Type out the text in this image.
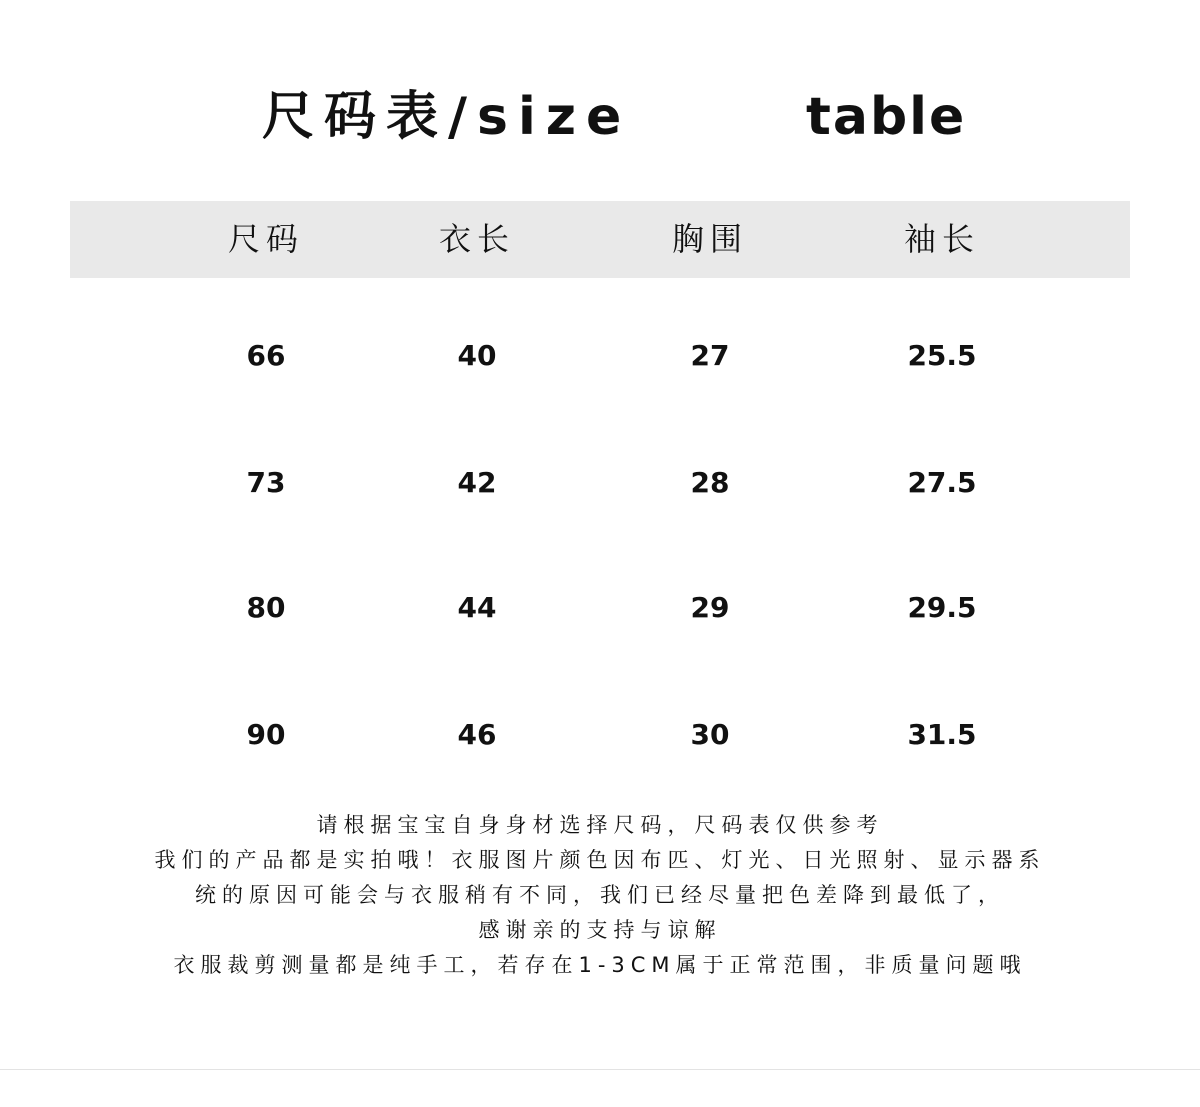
尺码表/size	table
尺码	衣长	胸围	袖长
66	40	27	25.5
73	42	28	27.5
80	44	29	29.5
90	46	30	31.5
请根据宝宝自身身材选择尺码，尺码表仅供参考
我们的产品都是实拍哦！衣服图片颜色因布匹、灯光、日光照射、显示器系
统的原因可能会与衣服稍有不同，我们已经尽量把色差降到最低了，
感谢亲的支持与谅解
衣服裁剪测量都是纯手工，若存在1-3CM属于正常范围，非质量问题哦
